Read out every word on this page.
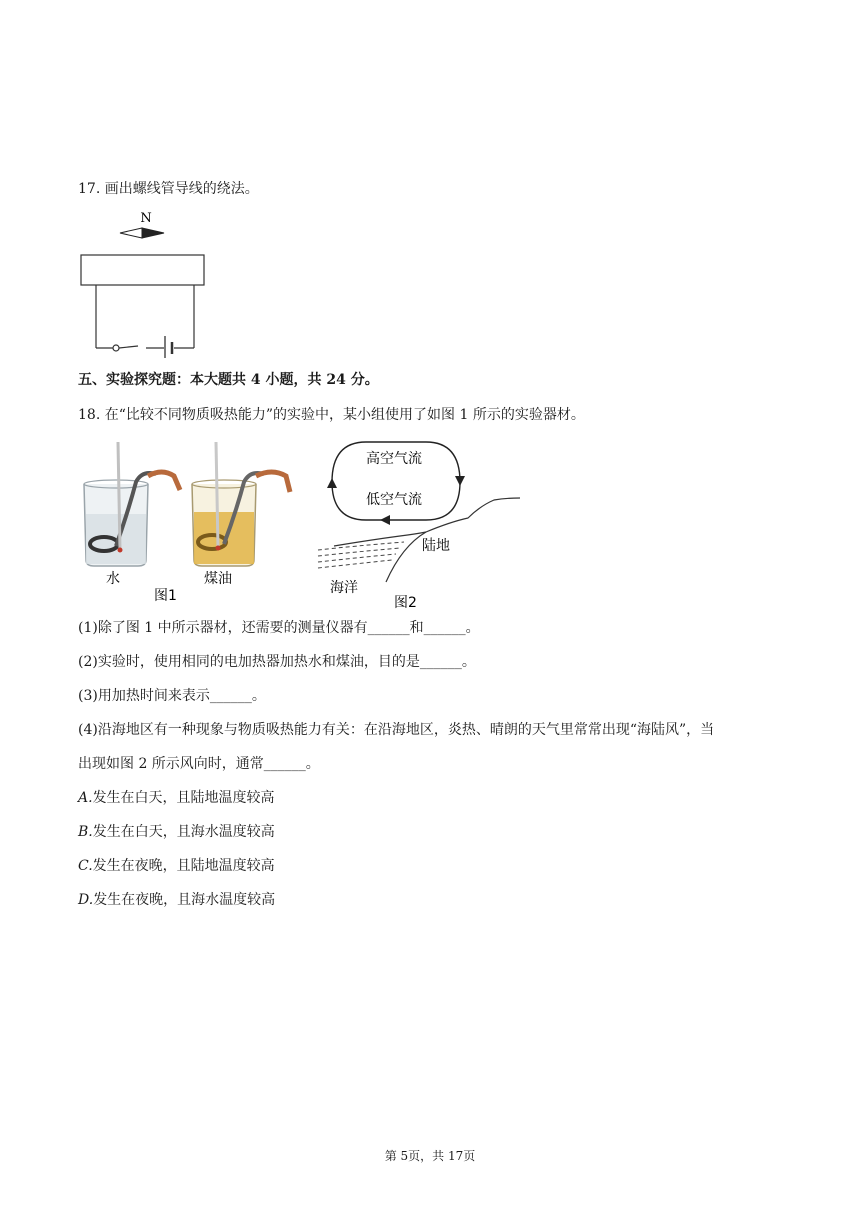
17. 画出螺线管导线的绕法。
N
五、实验探究题：本大题共 4 小题，共 24 分。
18. 在“比较不同物质吸热能力”的实验中，某小组使用了如图 1 所示的实验器材。
水	煤油
图1
高空气流
低空气流
陆地
海洋
图2
(1)除了图 1 中所示器材，还需要的测量仪器有______和______。
(2)实验时，使用相同的电加热器加热水和煤油，目的是______。
(3)用加热时间来表示______。
(4)沿海地区有一种现象与物质吸热能力有关：在沿海地区，炎热、晴朗的天气里常常出现“海陆风”，当
出现如图 2 所示风向时，通常______。
A.发生在白天，且陆地温度较高
B.发生在白天，且海水温度较高
C.发生在夜晚，且陆地温度较高
D.发生在夜晚，且海水温度较高
第 5页，共 17页
